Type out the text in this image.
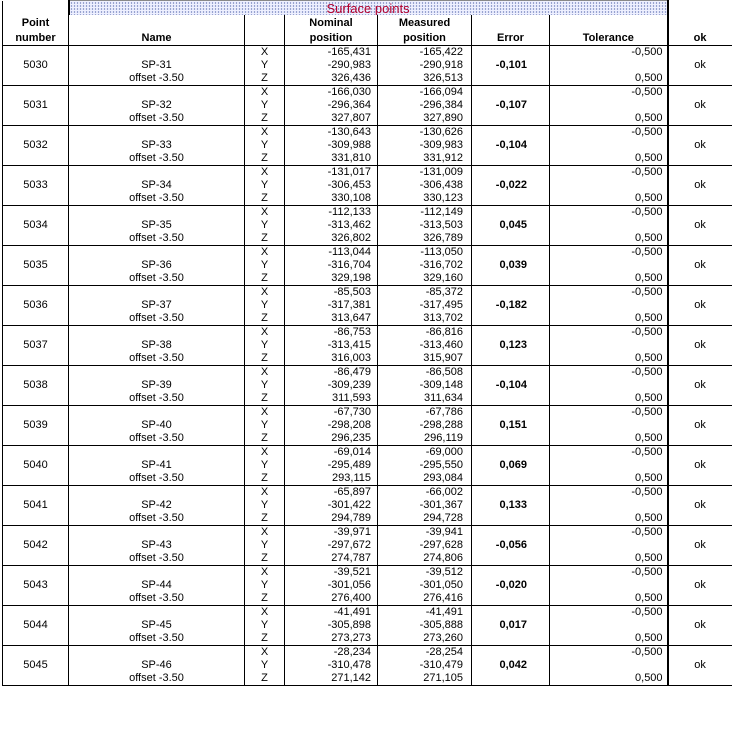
	Surface points						
Point			Nominal	Measured			
number	Name		position	position	Error	Tolerance	ok
		X	-165,431	-165,422		-0,500	
5030	SP-31	Y	-290,983	-290,918	-0,101		ok
	offset -3.50	Z	326,436	326,513		0,500	
		X	-166,030	-166,094		-0,500	
5031	SP-32	Y	-296,364	-296,384	-0,107		ok
	offset -3.50	Z	327,807	327,890		0,500	
		X	-130,643	-130,626		-0,500	
5032	SP-33	Y	-309,988	-309,983	-0,104		ok
	offset -3.50	Z	331,810	331,912		0,500	
		X	-131,017	-131,009		-0,500	
5033	SP-34	Y	-306,453	-306,438	-0,022		ok
	offset -3.50	Z	330,108	330,123		0,500	
		X	-112,133	-112,149		-0,500	
5034	SP-35	Y	-313,462	-313,503	0,045		ok
	offset -3.50	Z	326,802	326,789		0,500	
		X	-113,044	-113,050		-0,500	
5035	SP-36	Y	-316,704	-316,702	0,039		ok
	offset -3.50	Z	329,198	329,160		0,500	
		X	-85,503	-85,372		-0,500	
5036	SP-37	Y	-317,381	-317,495	-0,182		ok
	offset -3.50	Z	313,647	313,702		0,500	
		X	-86,753	-86,816		-0,500	
5037	SP-38	Y	-313,415	-313,460	0,123		ok
	offset -3.50	Z	316,003	315,907		0,500	
		X	-86,479	-86,508		-0,500	
5038	SP-39	Y	-309,239	-309,148	-0,104		ok
	offset -3.50	Z	311,593	311,634		0,500	
		X	-67,730	-67,786		-0,500	
5039	SP-40	Y	-298,208	-298,288	0,151		ok
	offset -3.50	Z	296,235	296,119		0,500	
		X	-69,014	-69,000		-0,500	
5040	SP-41	Y	-295,489	-295,550	0,069		ok
	offset -3.50	Z	293,115	293,084		0,500	
		X	-65,897	-66,002		-0,500	
5041	SP-42	Y	-301,422	-301,367	0,133		ok
	offset -3.50	Z	294,789	294,728		0,500	
		X	-39,971	-39,941		-0,500	
5042	SP-43	Y	-297,672	-297,628	-0,056		ok
	offset -3.50	Z	274,787	274,806		0,500	
		X	-39,521	-39,512		-0,500	
5043	SP-44	Y	-301,056	-301,050	-0,020		ok
	offset -3.50	Z	276,400	276,416		0,500	
		X	-41,491	-41,491		-0,500	
5044	SP-45	Y	-305,898	-305,888	0,017		ok
	offset -3.50	Z	273,273	273,260		0,500	
		X	-28,234	-28,254		-0,500	
5045	SP-46	Y	-310,478	-310,479	0,042		ok
	offset -3.50	Z	271,142	271,105		0,500	
